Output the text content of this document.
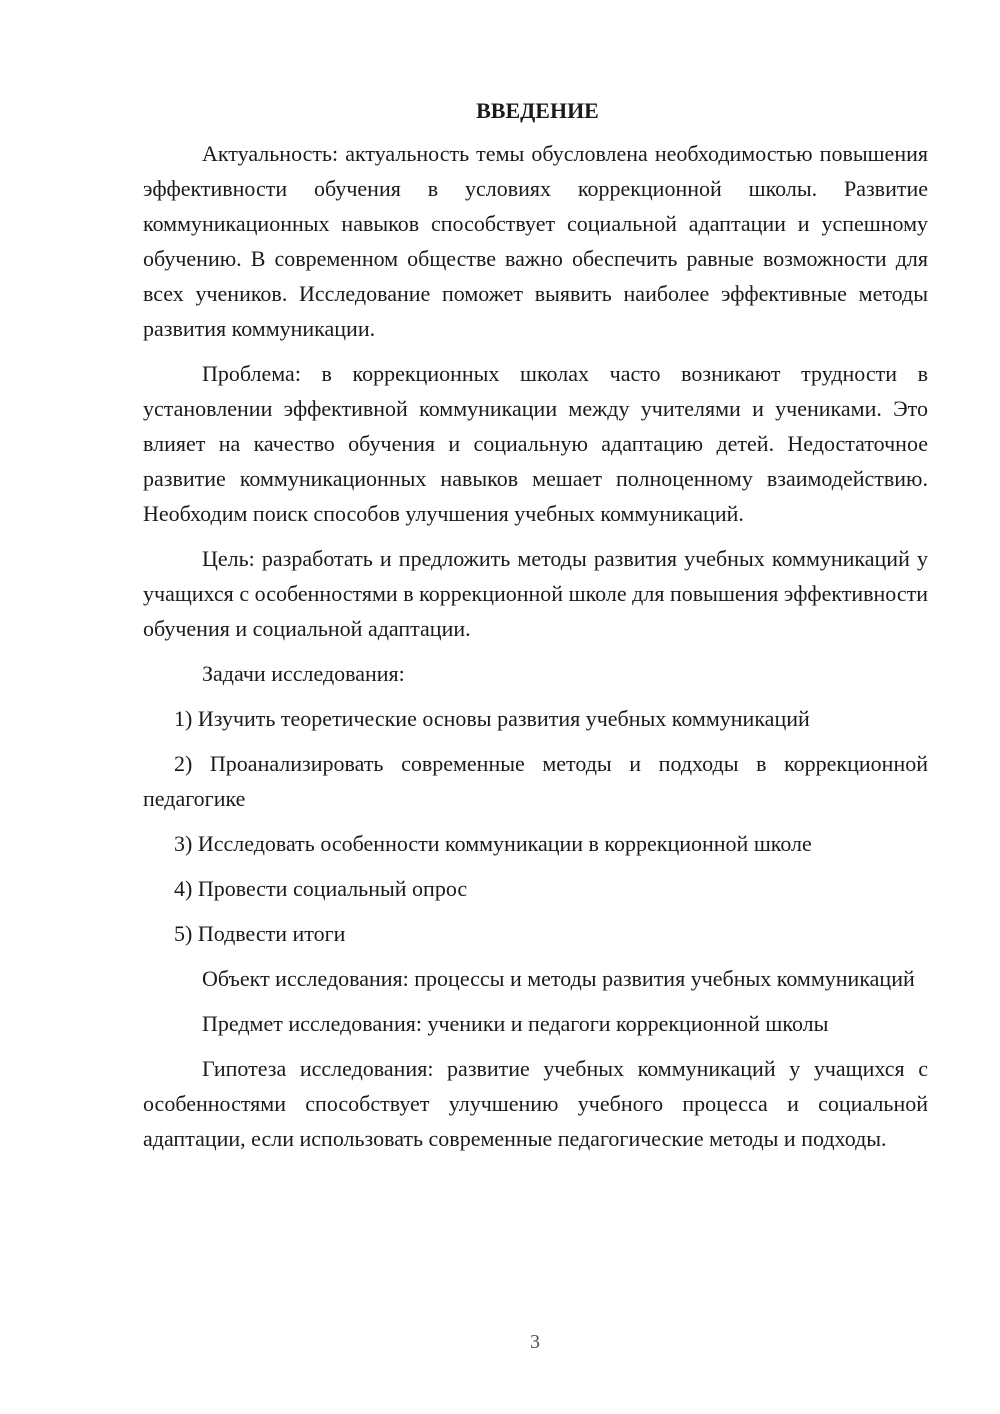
ВВЕДЕНИЕ

Актуальность: актуальность темы обусловлена необходимостью повышения эффективности обучения в условиях коррекционной школы. Развитие коммуникационных навыков способствует социальной адаптации и успешному обучению. В современном обществе важно обеспечить равные возможности для всех учеников. Исследование поможет выявить наиболее эффективные методы развития коммуникации.

Проблема: в коррекционных школах часто возникают трудности в установлении эффективной коммуникации между учителями и учениками. Это влияет на качество обучения и социальную адаптацию детей. Недостаточное развитие коммуникационных навыков мешает полноценному взаимодействию. Необходим поиск способов улучшения учебных коммуникаций.

Цель: разработать и предложить методы развития учебных коммуникаций у учащихся с особенностями в коррекционной школе для повышения эффективности обучения и социальной адаптации.

Задачи исследования:

1) Изучить теоретические основы развития учебных коммуникаций

2) Проанализировать современные методы и подходы в коррекционной педагогике

3) Исследовать особенности коммуникации в коррекционной школе

4) Провести социальный опрос

5) Подвести итоги

Объект исследования: процессы и методы развития учебных коммуникаций

Предмет исследования: ученики и педагоги коррекционной школы

Гипотеза исследования: развитие учебных коммуникаций у учащихся с особенностями способствует улучшению учебного процесса и социальной адаптации, если использовать современные педагогические методы и подходы.

3
